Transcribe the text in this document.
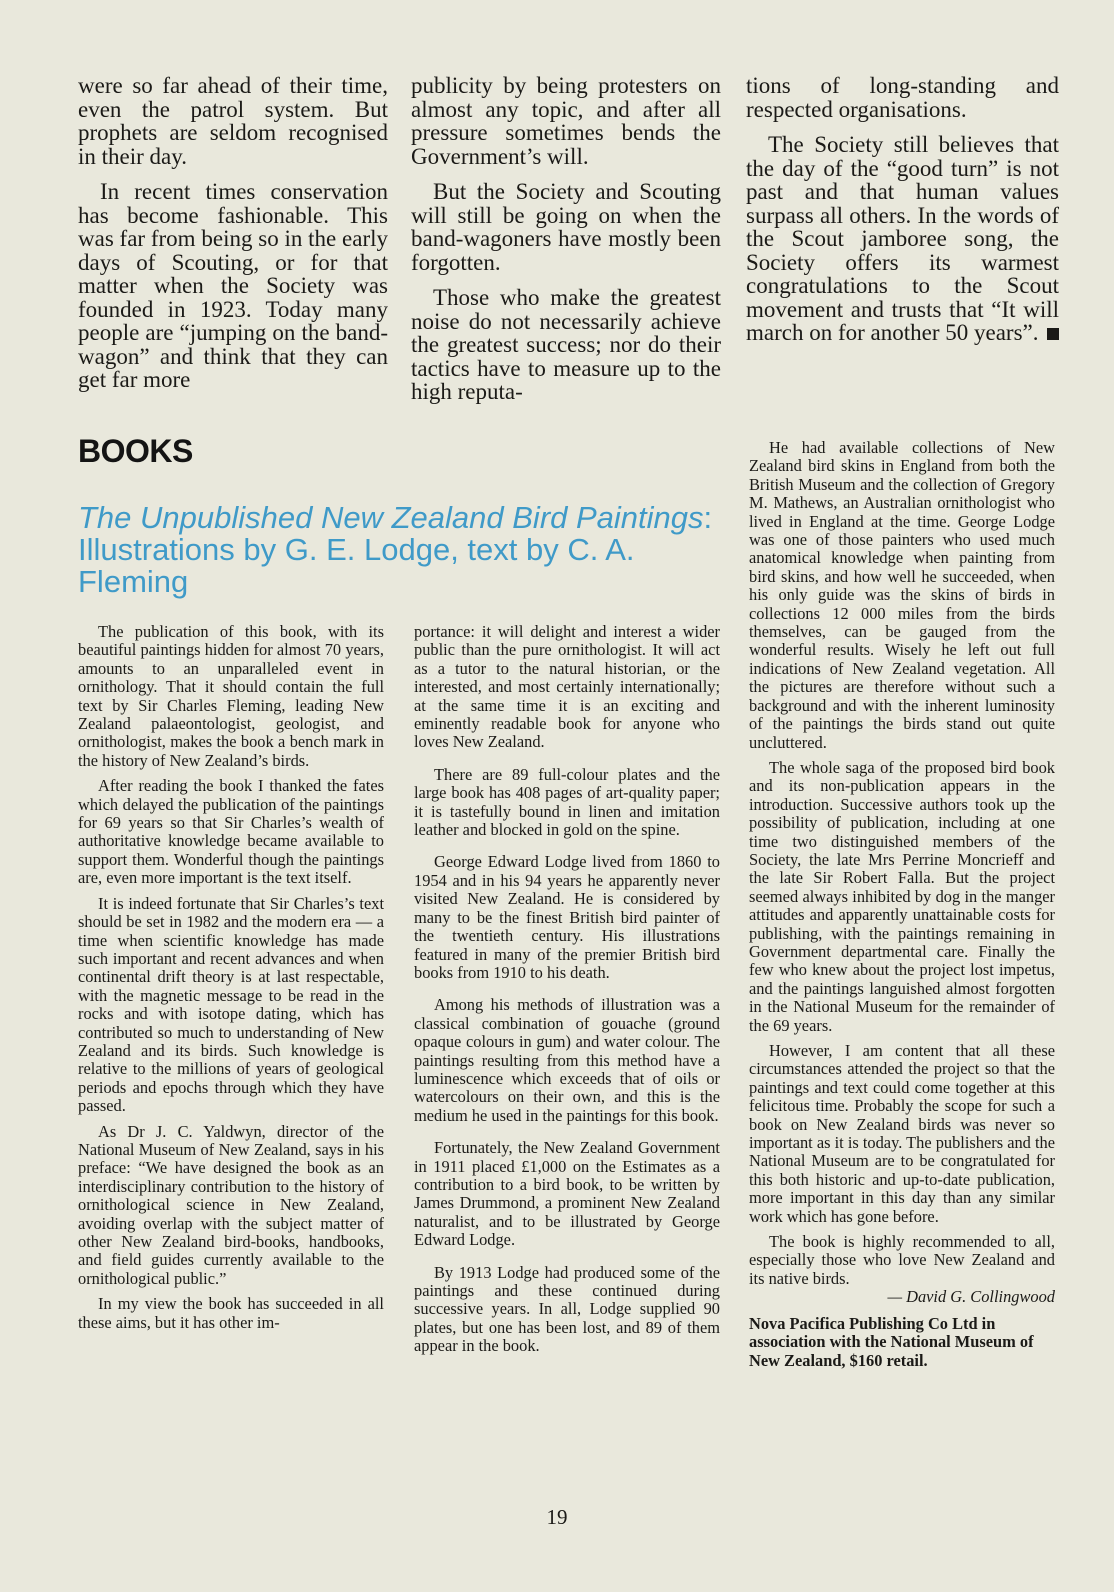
were so far ahead of their time, even the patrol system. But prophets are seldom recognised in their day.

In recent times conservation has become fashionable. This was far from being so in the early days of Scouting, or for that matter when the Society was founded in 1923. Today many people are “jumping on the band-wagon” and think that they can get far more

publicity by being protesters on almost any topic, and after all pressure sometimes bends the Government’s will.

But the Society and Scouting will still be going on when the band-wagoners have mostly been forgotten.

Those who make the greatest noise do not necessarily achieve the greatest success; nor do their tactics have to measure up to the high reputa-

tions of long-standing and respected organisations.

The Society still believes that the day of the “good turn” is not past and that human values surpass all others. In the words of the Scout jamboree song, the Society offers its warmest congratulations to the Scout movement and trusts that “It will march on for another 50 years”.

BOOKS
The Unpublished New Zealand Bird Paintings: Illustrations by G. E. Lodge, text by C. A. Fleming

The publication of this book, with its beautiful paintings hidden for almost 70 years, amounts to an unparalleled event in ornithology. That it should contain the full text by Sir Charles Fleming, leading New Zealand palaeontologist, geologist, and ornithologist, makes the book a bench mark in the history of New Zealand’s birds.

After reading the book I thanked the fates which delayed the publication of the paintings for 69 years so that Sir Charles’s wealth of authoritative knowledge became available to support them. Wonderful though the paintings are, even more important is the text itself.

It is indeed fortunate that Sir Charles’s text should be set in 1982 and the modern era — a time when scientific knowledge has made such important and recent advances and when continental drift theory is at last respectable, with the magnetic message to be read in the rocks and with isotope dating, which has contributed so much to understanding of New Zealand and its birds. Such knowledge is relative to the millions of years of geological periods and epochs through which they have passed.

As Dr J. C. Yaldwyn, director of the National Museum of New Zealand, says in his preface: “We have designed the book as an interdisciplinary contribution to the history of ornithological science in New Zealand, avoiding overlap with the subject matter of other New Zealand bird-books, handbooks, and field guides currently available to the ornithological public.”

In my view the book has succeeded in all these aims, but it has other im-

portance: it will delight and interest a wider public than the pure ornithologist. It will act as a tutor to the natural historian, or the interested, and most certainly internationally; at the same time it is an exciting and eminently readable book for anyone who loves New Zealand.

There are 89 full-colour plates and the large book has 408 pages of art-quality paper; it is tastefully bound in linen and imitation leather and blocked in gold on the spine.

George Edward Lodge lived from 1860 to 1954 and in his 94 years he apparently never visited New Zealand. He is considered by many to be the finest British bird painter of the twentieth century. His illustrations featured in many of the premier British bird books from 1910 to his death.

Among his methods of illustration was a classical combination of gouache (ground opaque colours in gum) and water colour. The paintings resulting from this method have a luminescence which exceeds that of oils or watercolours on their own, and this is the medium he used in the paintings for this book.

Fortunately, the New Zealand Government in 1911 placed £1,000 on the Estimates as a contribution to a bird book, to be written by James Drummond, a prominent New Zealand naturalist, and to be illustrated by George Edward Lodge.

By 1913 Lodge had produced some of the paintings and these continued during successive years. In all, Lodge supplied 90 plates, but one has been lost, and 89 of them appear in the book.

He had available collections of New Zealand bird skins in England from both the British Museum and the collection of Gregory M. Mathews, an Australian ornithologist who lived in England at the time. George Lodge was one of those painters who used much anatomical knowledge when painting from bird skins, and how well he succeeded, when his only guide was the skins of birds in collections 12 000 miles from the birds themselves, can be gauged from the wonderful results. Wisely he left out full indications of New Zealand vegetation. All the pictures are therefore without such a background and with the inherent luminosity of the paintings the birds stand out quite uncluttered.

The whole saga of the proposed bird book and its non-publication appears in the introduction. Successive authors took up the possibility of publication, including at one time two distinguished members of the Society, the late Mrs Perrine Moncrieff and the late Sir Robert Falla. But the project seemed always inhibited by dog in the manger attitudes and apparently unattainable costs for publishing, with the paintings remaining in Government departmental care. Finally the few who knew about the project lost impetus, and the paintings languished almost forgotten in the National Museum for the remainder of the 69 years.

However, I am content that all these circumstances attended the project so that the paintings and text could come together at this felicitous time. Probably the scope for such a book on New Zealand birds was never so important as it is today. The publishers and the National Museum are to be congratulated for this both historic and up-to-date publication, more important in this day than any similar work which has gone before.

The book is highly recommended to all, especially those who love New Zealand and its native birds.

— David G. Collingwood

Nova Pacifica Publishing Co Ltd in association with the National Museum of New Zealand, $160 retail.

19
